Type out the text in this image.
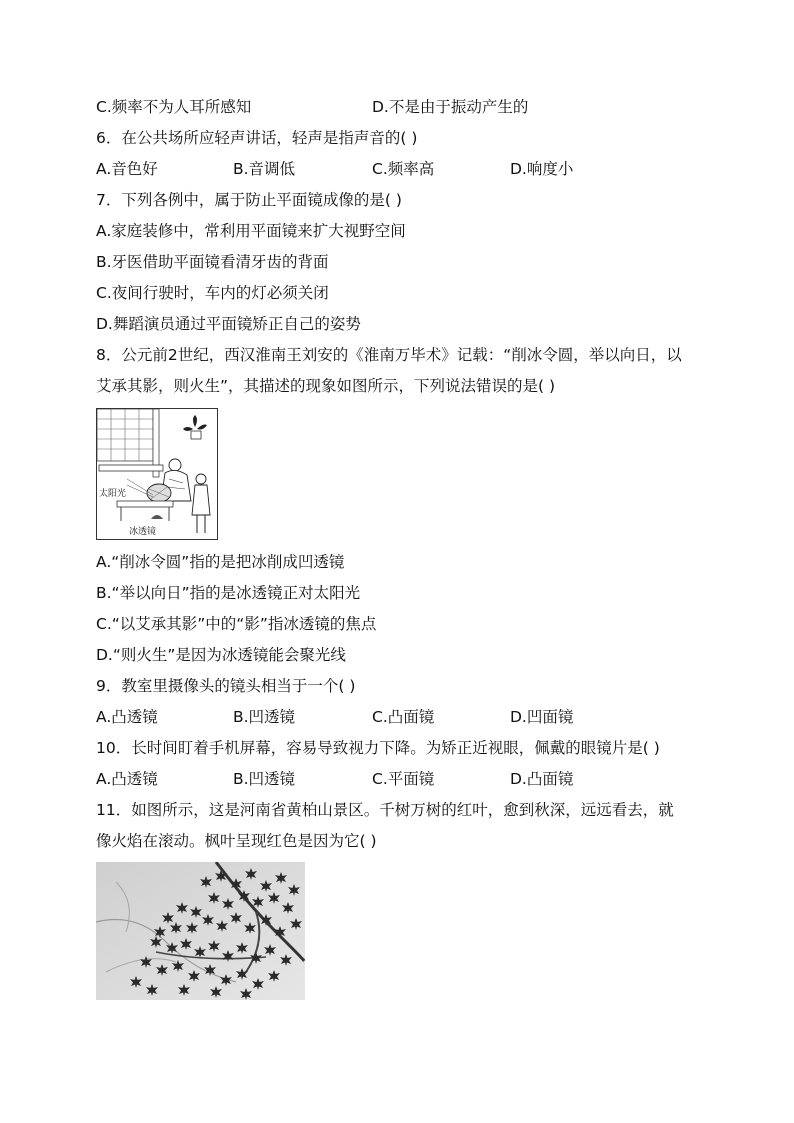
C.频率不为人耳所感知	D.不是由于振动产生的
6．在公共场所应轻声讲话，轻声是指声音的( )
A.音色好	B.音调低	C.频率高	D.响度小
7．下列各例中，属于防止平面镜成像的是( )
A.家庭装修中，常利用平面镜来扩大视野空间
B.牙医借助平面镜看清牙齿的背面
C.夜间行驶时，车内的灯必须关闭
D.舞蹈演员通过平面镜矫正自己的姿势
8．公元前2世纪，西汉淮南王刘安的《淮南万毕术》记载：“削冰令圆，举以向日，以
艾承其影，则火生”，其描述的现象如图所示，下列说法错误的是( )
太阳光
冰透镜
A.“削冰令圆”指的是把冰削成凹透镜
B.“举以向日”指的是冰透镜正对太阳光
C.“以艾承其影”中的“影”指冰透镜的焦点
D.“则火生”是因为冰透镜能会聚光线
9．教室里摄像头的镜头相当于一个( )
A.凸透镜	B.凹透镜	C.凸面镜	D.凹面镜
10．长时间盯着手机屏幕，容易导致视力下降。为矫正近视眼，佩戴的眼镜片是( )
A.凸透镜	B.凹透镜	C.平面镜	D.凸面镜
11．如图所示，这是河南省黄柏山景区。千树万树的红叶，愈到秋深，远远看去，就
像火焰在滚动。枫叶呈现红色是因为它( )
